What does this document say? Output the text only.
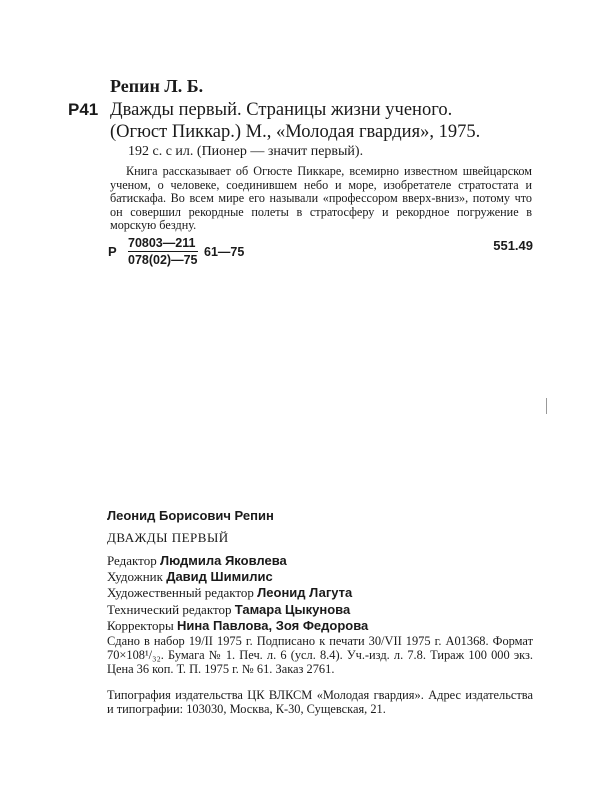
Репин Л. Б.
Р41 Дважды первый. Страницы жизни ученого.
(Огюст Пиккар.) М., «Молодая гвардия», 1975.
192 с. с ил. (Пионер — значит первый).
Книга рассказывает об Огюсте Пиккаре, всемирно известном швейцарском ученом, о человеке, соединившем небо и море, изобретателе стратостата и батискафа. Во всем мире его называли «профессором вверх-вниз», потому что он совершил рекордные полеты в стратосферу и рекордное погружение в морскую бездну.
Р $\frac{70803—211}{078(02)—75}$ 61—75	551.49
Леонид Борисович Репин
ДВАЖДЫ ПЕРВЫЙ
Редактор Людмила Яковлева
Художник Давид Шимилис
Художественный редактор Леонид Лагута
Технический редактор Тамара Цыкунова
Корректоры Нина Павлова, Зоя Федорова
Сдано в набор 19/II 1975 г. Подписано к печати 30/VII 1975 г. А01368. Формат 70×108¹/₃₂. Бумага № 1. Печ. л. 6 (усл. 8.4). Уч.-изд. л. 7.8. Тираж 100 000 экз. Цена 36 коп. Т. П. 1975 г. № 61. Заказ 2761.
Типография издательства ЦК ВЛКСМ «Молодая гвардия». Адрес издательства и типографии: 103030, Москва, К-30, Сущевская, 21.
